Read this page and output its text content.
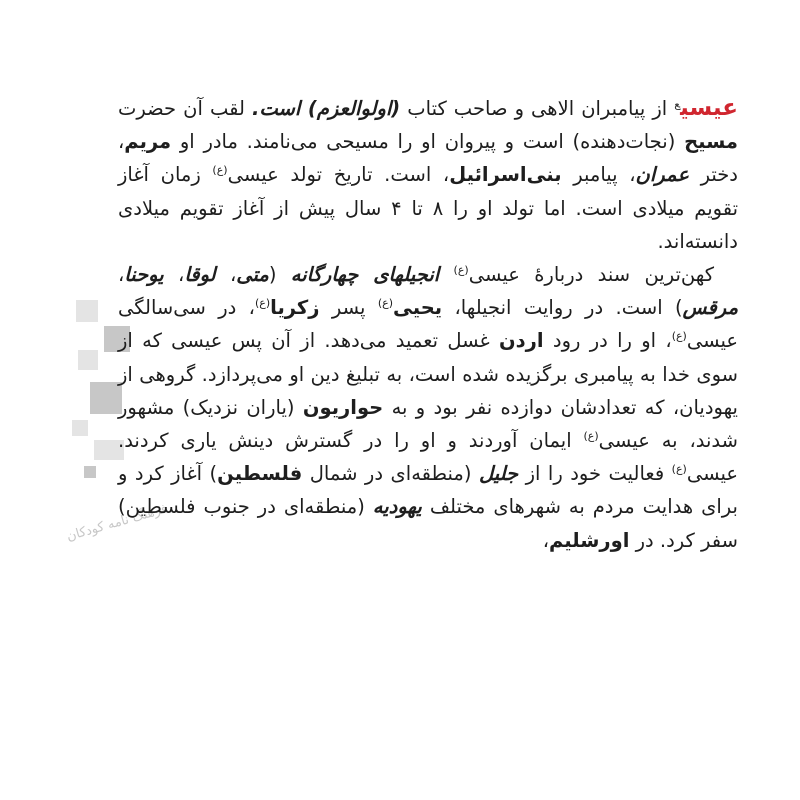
فرهنگ نامه کودکان

عیسی$^ع$ از پیامبران الاهی و صاحب کتاب (اولوالعزم) است. لقب آن حضرت مسیح (نجات‌دهنده) است و پیروان او را مسیحی می‌نامند. مادر او مریم، دختر عمران، پیامبر بنی‌اسرائیل، است. تاریخ تولد عیسی$^{(ع)}$ زمان آغاز تقویم میلادی است. اما تولد او را ۸ تا ۴ سال پیش از آغاز تقویم میلادی دانسته‌اند.

کهن‌ترین سند دربارهٔ عیسی$^{(ع)}$ انجیلهای چهارگانه (متی، لوقا، یوحنا، مرقس) است. در روایت انجیلها، یحیی$^{(ع)}$ پسر زکریا$^{(ع)}$، در سی‌سالگی عیسی$^{(ع)}$، او را در رود اردن غسل تعمید می‌دهد. از آن پس عیسی که از سوی خدا به پیامبری برگزیده شده است، به تبلیغ دین او می‌پردازد. گروهی از یهودیان، که تعدادشان دوازده نفر بود و به حواریون (یاران نزدیک) مشهور شدند، به عیسی$^{(ع)}$ ایمان آوردند و او را در گسترش دینش یاری کردند. عیسی$^{(ع)}$ فعالیت خود را از جلیل (منطقه‌ای در شمال فلسطین) آغاز کرد و برای هدایت مردم به شهرهای مختلف یهودیه (منطقه‌ای در جنوب فلسطین) سفر کرد. در اورشلیم،
